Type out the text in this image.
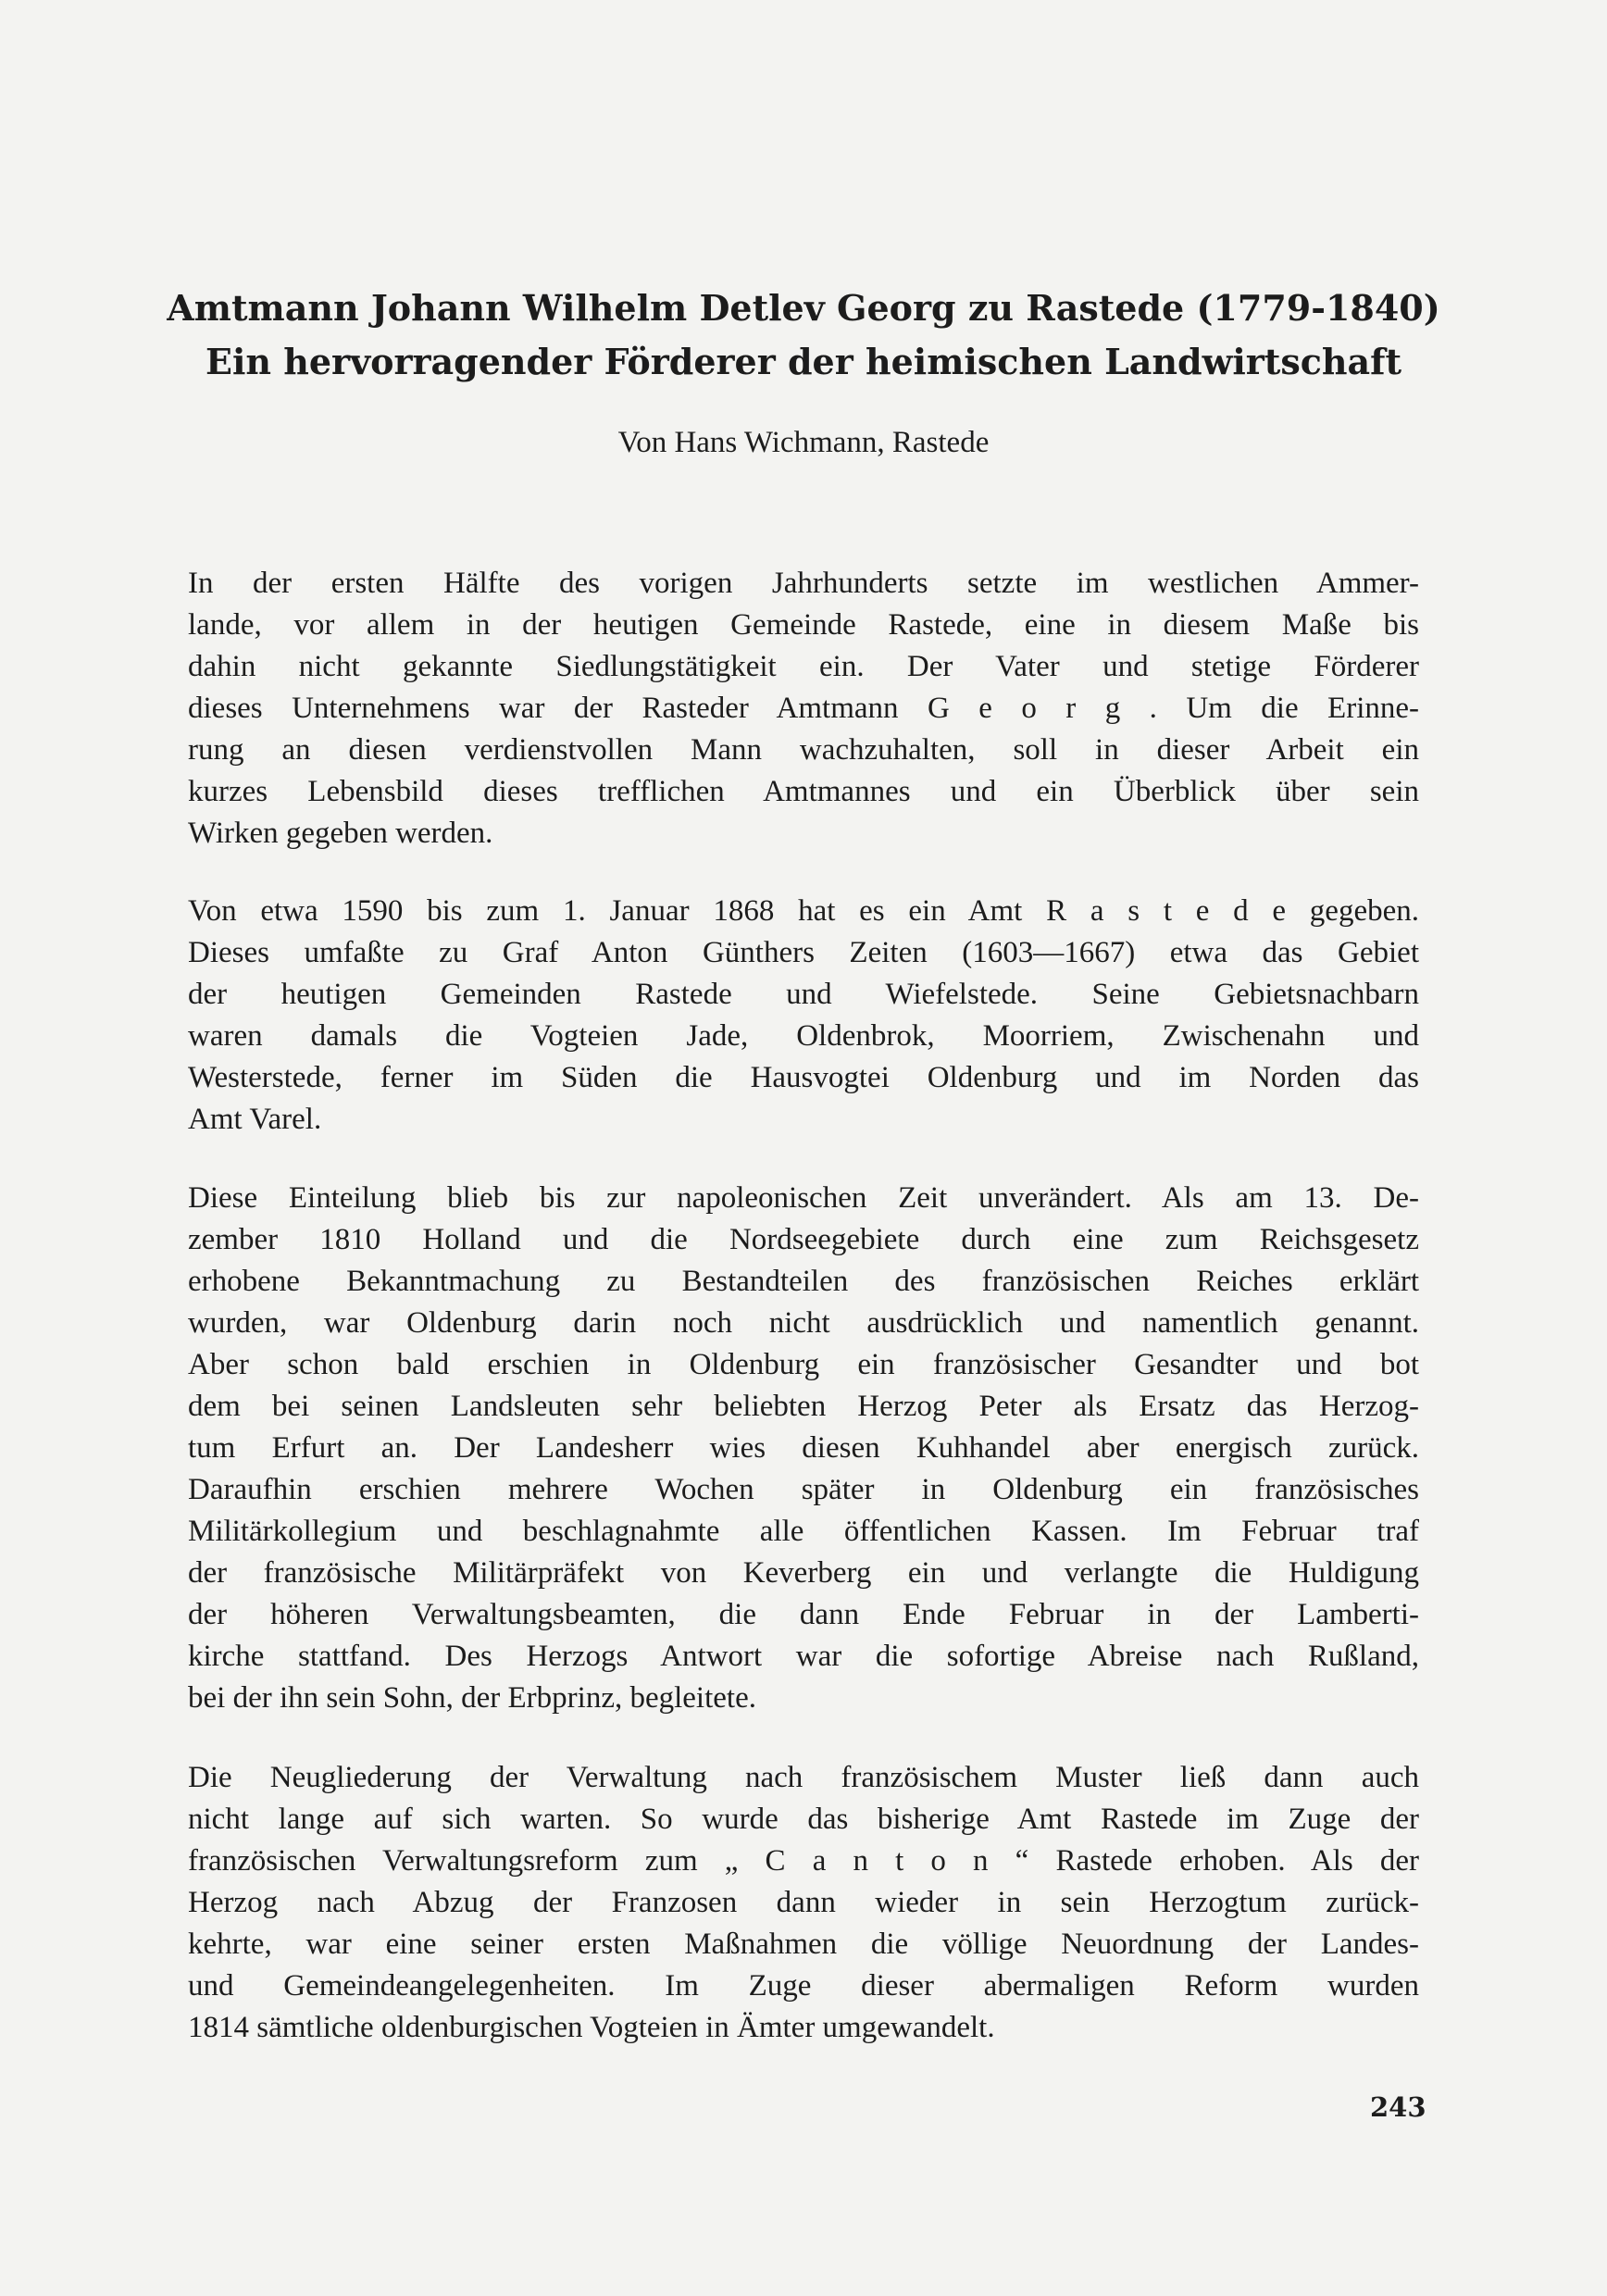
Amtmann Johann Wilhelm Detlev Georg zu Rastede (1779-1840)
Ein hervorragender Förderer der heimischen Landwirtschaft

Von Hans Wichmann, Rastede

In der ersten Hälfte des vorigen Jahrhunderts setzte im westlichen Ammer-
lande, vor allem in der heutigen Gemeinde Rastede, eine in diesem Maße bis
dahin nicht gekannte Siedlungstätigkeit ein. Der Vater und stetige Förderer
dieses Unternehmens war der Rasteder Amtmann G e o r g . Um die Erinne-
rung an diesen verdienstvollen Mann wachzuhalten, soll in dieser Arbeit ein
kurzes Lebensbild dieses trefflichen Amtmannes und ein Überblick über sein
Wirken gegeben werden.
Von etwa 1590 bis zum 1. Januar 1868 hat es ein Amt R a s t e d e gegeben.
Dieses umfaßte zu Graf Anton Günthers Zeiten (1603—1667) etwa das Gebiet
der heutigen Gemeinden Rastede und Wiefelstede. Seine Gebietsnachbarn
waren damals die Vogteien Jade, Oldenbrok, Moorriem, Zwischenahn und
Westerstede, ferner im Süden die Hausvogtei Oldenburg und im Norden das
Amt Varel.
Diese Einteilung blieb bis zur napoleonischen Zeit unverändert. Als am 13. De-
zember 1810 Holland und die Nordseegebiete durch eine zum Reichsgesetz
erhobene Bekanntmachung zu Bestandteilen des französischen Reiches erklärt
wurden, war Oldenburg darin noch nicht ausdrücklich und namentlich genannt.
Aber schon bald erschien in Oldenburg ein französischer Gesandter und bot
dem bei seinen Landsleuten sehr beliebten Herzog Peter als Ersatz das Herzog-
tum Erfurt an. Der Landesherr wies diesen Kuhhandel aber energisch zurück.
Daraufhin erschien mehrere Wochen später in Oldenburg ein französisches
Militärkollegium und beschlagnahmte alle öffentlichen Kassen. Im Februar traf
der französische Militärpräfekt von Keverberg ein und verlangte die Huldigung
der höheren Verwaltungsbeamten, die dann Ende Februar in der Lamberti-
kirche stattfand. Des Herzogs Antwort war die sofortige Abreise nach Rußland,
bei der ihn sein Sohn, der Erbprinz, begleitete.
Die Neugliederung der Verwaltung nach französischem Muster ließ dann auch
nicht lange auf sich warten. So wurde das bisherige Amt Rastede im Zuge der
französischen Verwaltungsreform zum „ C a n t o n “ Rastede erhoben. Als der
Herzog nach Abzug der Franzosen dann wieder in sein Herzogtum zurück-
kehrte, war eine seiner ersten Maßnahmen die völlige Neuordnung der Landes-
und Gemeindeangelegenheiten. Im Zuge dieser abermaligen Reform wurden
1814 sämtliche oldenburgischen Vogteien in Ämter umgewandelt.
243
